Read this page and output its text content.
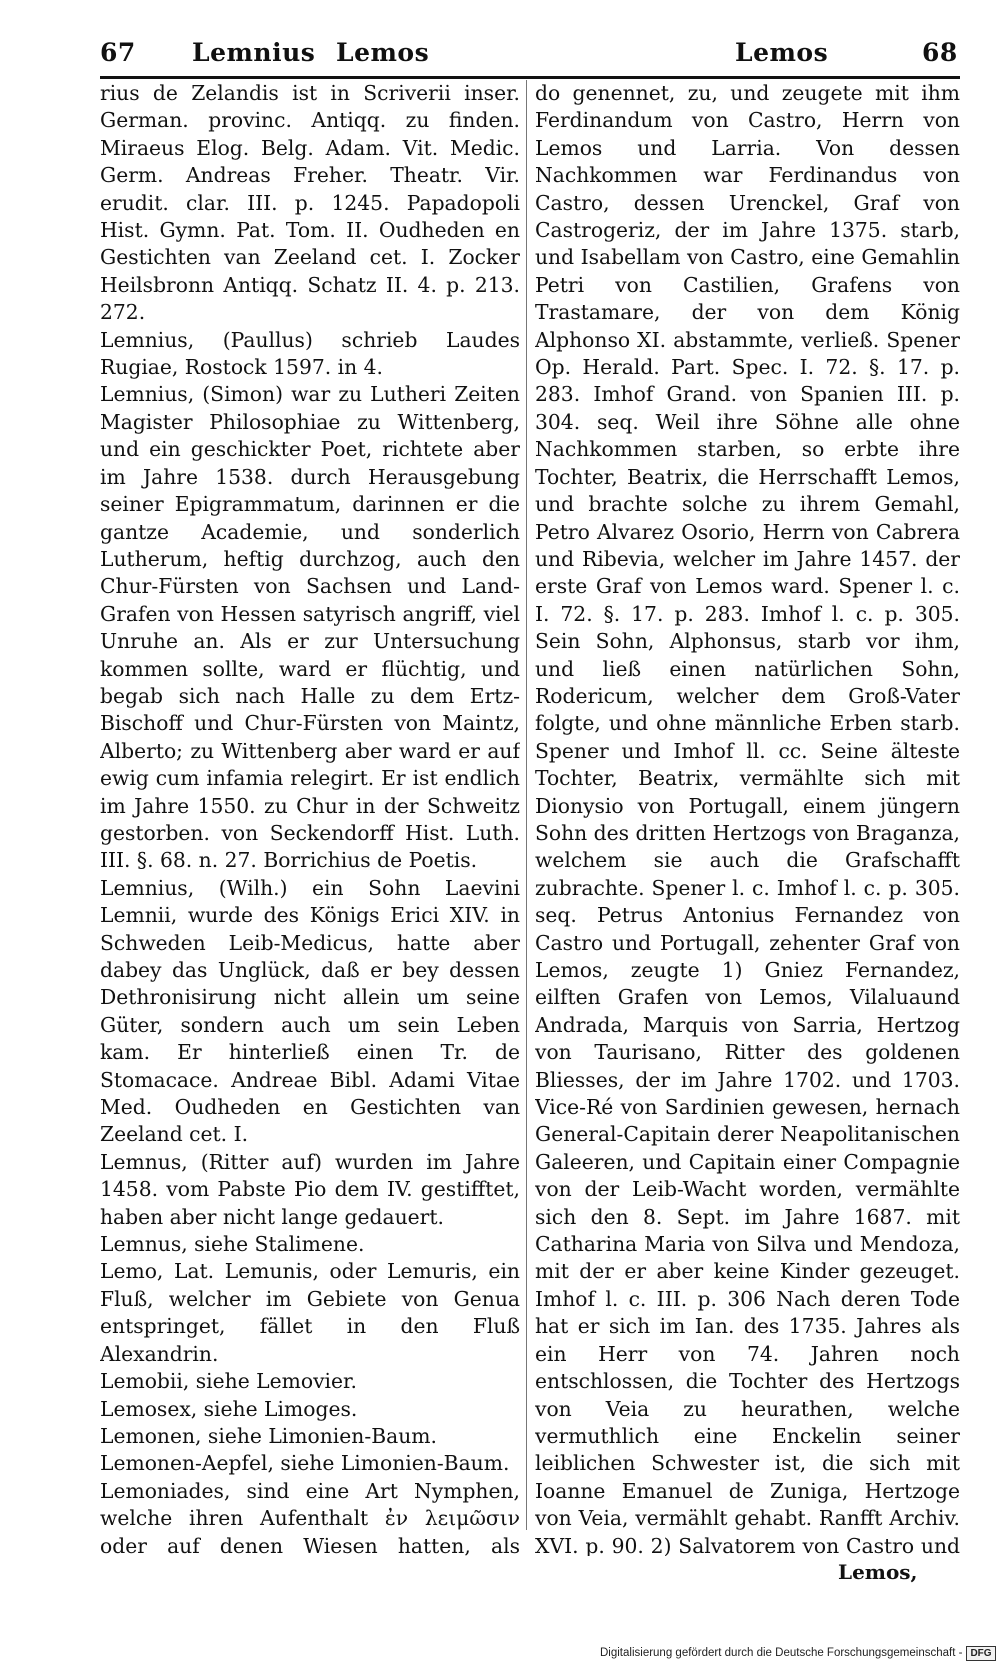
67 Lemnius Lemos	Lemos	68

rius de Zelandis ist in Scriverii inser. German. provinc. Antiqq. zu finden. Miraeus Elog. Belg. Adam. Vit. Medic. Germ. Andreas Freher. Theatr. Vir. erudit. clar. III. p. 1245. Papadopoli Hist. Gymn. Pat. Tom. II. Oudheden en Gestichten van Zeeland cet. I. Zocker Heilsbronn Antiqq. Schatz II. 4. p. 213. 272.

Lemnius, (Paullus) schrieb Laudes Rugiae, Rostock 1597. in 4.

Lemnius, (Simon) war zu Lutheri Zeiten Magister Philosophiae zu Wittenberg, und ein geschickter Poet, richtete aber im Jahre 1538. durch Herausgebung seiner Epigrammatum, darinnen er die gantze Academie, und sonderlich Lutherum, heftig durchzog, auch den Chur-Fürsten von Sachsen und Land-Grafen von Hessen satyrisch angriff, viel Unruhe an. Als er zur Untersuchung kommen sollte, ward er flüchtig, und begab sich nach Halle zu dem Ertz-Bischoff und Chur-Fürsten von Maintz, Alberto; zu Wittenberg aber ward er auf ewig cum infamia relegirt. Er ist endlich im Jahre 1550. zu Chur in der Schweitz gestorben. von Seckendorff Hist. Luth. III. §. 68. n. 27. Borrichius de Poetis.

Lemnius, (Wilh.) ein Sohn Laevini Lemnii, wurde des Königs Erici XIV. in Schweden Leib-Medicus, hatte aber dabey das Unglück, daß er bey dessen Dethronisirung nicht allein um seine Güter, sondern auch um sein Leben kam. Er hinterließ einen Tr. de Stomacace. Andreae Bibl. Adami Vitae Med. Oudheden en Gestichten van Zeeland cet. I.

Lemnus, (Ritter auf) wurden im Jahre 1458. vom Pabste Pio dem IV. gestifftet, haben aber nicht lange gedauert.

Lemnus, siehe Stalimene.

Lemo, Lat. Lemunis, oder Lemuris, ein Fluß, welcher im Gebiete von Genua entspringet, fället in den Fluß Alexandrin.

Lemobii, siehe Lemovier.

Lemosex, siehe Limoges.

Lemonen, siehe Limonien-Baum.

Lemonen-Aepfel, siehe Limonien-Baum.

Lemoniades, sind eine Art Nymphen, welche ihren Aufenthalt ἐν λειμῶσιν oder auf denen Wiesen hatten, als

do genennet, zu, und zeugete mit ihm Ferdinandum von Castro, Herrn von Lemos und Larria. Von dessen Nachkommen war Ferdinandus von Castro, dessen Urenckel, Graf von Castrogeriz, der im Jahre 1375. starb, und Isabellam von Castro, eine Gemahlin Petri von Castilien, Grafens von Trastamare, der von dem König Alphonso XI. abstammte, verließ. Spener Op. Herald. Part. Spec. I. 72. §. 17. p. 283. Imhof Grand. von Spanien III. p. 304. seq. Weil ihre Söhne alle ohne Nachkommen starben, so erbte ihre Tochter, Beatrix, die Herrschafft Lemos, und brachte solche zu ihrem Gemahl, Petro Alvarez Osorio, Herrn von Cabrera und Ribevia, welcher im Jahre 1457. der erste Graf von Lemos ward. Spener l. c. I. 72. §. 17. p. 283. Imhof l. c. p. 305. Sein Sohn, Alphonsus, starb vor ihm, und ließ einen natürlichen Sohn, Rodericum, welcher dem Groß-Vater folgte, und ohne männliche Erben starb. Spener und Imhof ll. cc. Seine älteste Tochter, Beatrix, vermählte sich mit Dionysio von Portugall, einem jüngern Sohn des dritten Hertzogs von Braganza, welchem sie auch die Grafschafft zubrachte. Spener l. c. Imhof l. c. p. 305. seq. Petrus Antonius Fernandez von Castro und Portugall, zehenter Graf von Lemos, zeugte 1) Gniez Fernandez, eilften Grafen von Lemos, Vilaluaund Andrada, Marquis von Sarria, Hertzog von Taurisano, Ritter des goldenen Bliesses, der im Jahre 1702. und 1703. Vice-Ré von Sardinien gewesen, hernach General-Capitain derer Neapolitanischen Galeeren, und Capitain einer Compagnie von der Leib-Wacht worden, vermählte sich den 8. Sept. im Jahre 1687. mit Catharina Maria von Silva und Mendoza, mit der er aber keine Kinder gezeuget. Imhof l. c. III. p. 306 Nach deren Tode hat er sich im Ian. des 1735. Jahres als ein Herr von 74. Jahren noch entschlossen, die Tochter des Hertzogs von Veia zu heurathen, welche vermuthlich eine Enckelin seiner leiblichen Schwester ist, die sich mit Ioanne Emanuel de Zuniga, Hertzoge von Veia, vermählt gehabt. Ranfft Archiv. XVI. p. 90. 2) Salvatorem von Castro und

Lemos,
Digitalisierung gefördert durch die Deutsche Forschungsgemeinschaft - DFG
